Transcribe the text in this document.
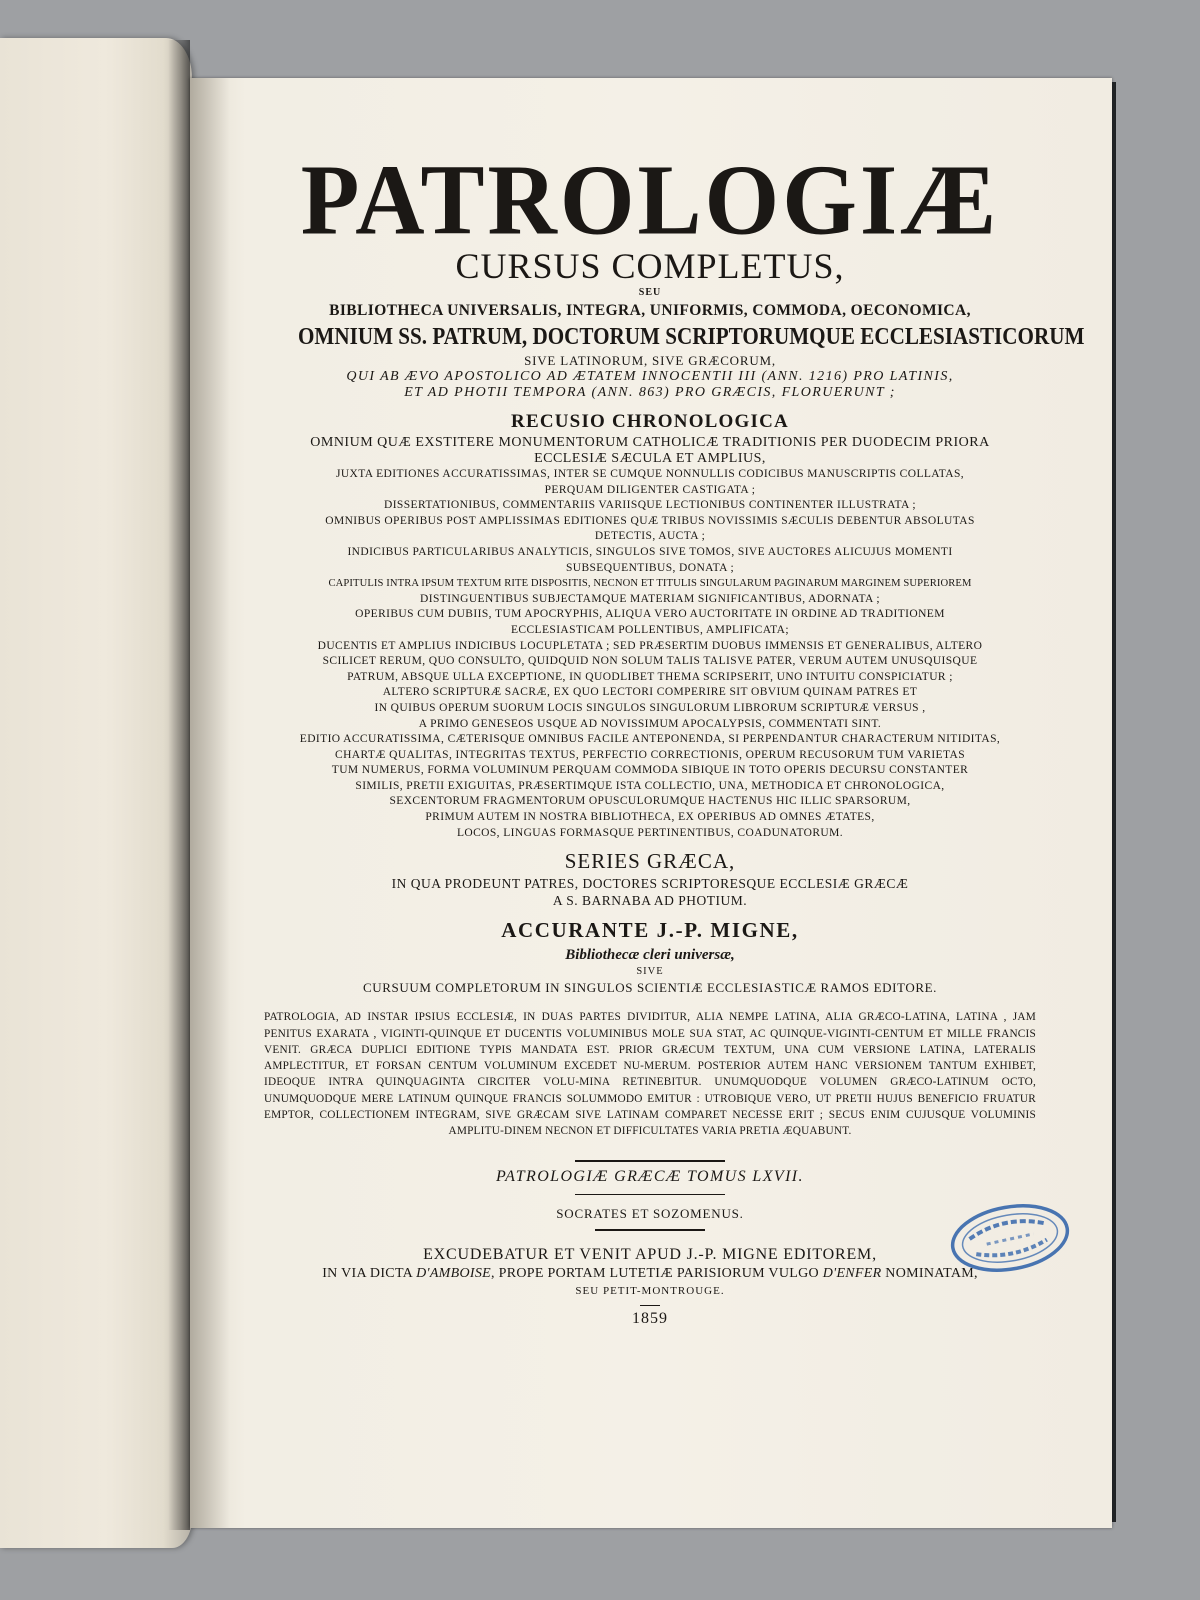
PATROLOGIÆ

CURSUS COMPLETUS,

SEU

BIBLIOTHECA UNIVERSALIS, INTEGRA, UNIFORMIS, COMMODA, OECONOMICA,

OMNIUM SS. PATRUM, DOCTORUM SCRIPTORUMQUE ECCLESIASTICORUM

SIVE LATINORUM, SIVE GRÆCORUM,

QUI AB ÆVO APOSTOLICO AD ÆTATEM INNOCENTII III (ANN. 1216) PRO LATINIS,

ET AD PHOTII TEMPORA (ANN. 863) PRO GRÆCIS, FLORUERUNT ;

RECUSIO CHRONOLOGICA

OMNIUM QUÆ EXSTITERE MONUMENTORUM CATHOLICÆ TRADITIONIS PER DUODECIM PRIORA

ECCLESIÆ SÆCULA ET AMPLIUS,

JUXTA EDITIONES ACCURATISSIMAS, INTER SE CUMQUE NONNULLIS CODICIBUS MANUSCRIPTIS COLLATAS,

PERQUAM DILIGENTER CASTIGATA ;

DISSERTATIONIBUS, COMMENTARIIS VARIISQUE LECTIONIBUS CONTINENTER ILLUSTRATA ;

OMNIBUS OPERIBUS POST AMPLISSIMAS EDITIONES QUÆ TRIBUS NOVISSIMIS SÆCULIS DEBENTUR ABSOLUTAS

DETECTIS, AUCTA ;

INDICIBUS PARTICULARIBUS ANALYTICIS, SINGULOS SIVE TOMOS, SIVE AUCTORES ALICUJUS MOMENTI

SUBSEQUENTIBUS, DONATA ;

CAPITULIS INTRA IPSUM TEXTUM RITE DISPOSITIS, NECNON ET TITULIS SINGULARUM PAGINARUM MARGINEM SUPERIOREM

DISTINGUENTIBUS SUBJECTAMQUE MATERIAM SIGNIFICANTIBUS, ADORNATA ;

OPERIBUS CUM DUBIIS, TUM APOCRYPHIS, ALIQUA VERO AUCTORITATE IN ORDINE AD TRADITIONEM

ECCLESIASTICAM POLLENTIBUS, AMPLIFICATA;

DUCENTIS ET AMPLIUS INDICIBUS LOCUPLETATA ; SED PRÆSERTIM DUOBUS IMMENSIS ET GENERALIBUS, ALTERO

SCILICET RERUM, QUO CONSULTO, QUIDQUID NON SOLUM TALIS TALISVE PATER, VERUM AUTEM UNUSQUISQUE

PATRUM, ABSQUE ULLA EXCEPTIONE, IN QUODLIBET THEMA SCRIPSERIT, UNO INTUITU CONSPICIATUR ;

ALTERO SCRIPTURÆ SACRÆ, EX QUO LECTORI COMPERIRE SIT OBVIUM QUINAM PATRES ET

IN QUIBUS OPERUM SUORUM LOCIS SINGULOS SINGULORUM LIBRORUM SCRIPTURÆ VERSUS ,

A PRIMO GENESEOS USQUE AD NOVISSIMUM APOCALYPSIS, COMMENTATI SINT.

EDITIO ACCURATISSIMA, CÆTERISQUE OMNIBUS FACILE ANTEPONENDA, SI PERPENDANTUR CHARACTERUM NITIDITAS,

CHARTÆ QUALITAS, INTEGRITAS TEXTUS, PERFECTIO CORRECTIONIS, OPERUM RECUSORUM TUM VARIETAS

TUM NUMERUS, FORMA VOLUMINUM PERQUAM COMMODA SIBIQUE IN TOTO OPERIS DECURSU CONSTANTER

SIMILIS, PRETII EXIGUITAS, PRÆSERTIMQUE ISTA COLLECTIO, UNA, METHODICA ET CHRONOLOGICA,

SEXCENTORUM FRAGMENTORUM OPUSCULORUMQUE HACTENUS HIC ILLIC SPARSORUM,

PRIMUM AUTEM IN NOSTRA BIBLIOTHECA, EX OPERIBUS AD OMNES ÆTATES,

LOCOS, LINGUAS FORMASQUE PERTINENTIBUS, COADUNATORUM.

SERIES GRÆCA,

IN QUA PRODEUNT PATRES, DOCTORES SCRIPTORESQUE ECCLESIÆ GRÆCÆ

A S. BARNABA AD PHOTIUM.

ACCURANTE J.-P. MIGNE,

Bibliothecæ cleri universæ,

SIVE

CURSUUM COMPLETORUM IN SINGULOS SCIENTIÆ ECCLESIASTICÆ RAMOS EDITORE.

PATROLOGIA, AD INSTAR IPSIUS ECCLESIÆ, IN DUAS PARTES DIVIDITUR, ALIA NEMPE LATINA, ALIA GRÆCO-LATINA, LATINA , JAM PENITUS EXARATA , VIGINTI-QUINQUE ET DUCENTIS VOLUMINIBUS MOLE SUA STAT, AC QUINQUE-VIGINTI-CENTUM ET MILLE FRANCIS VENIT. GRÆCA DUPLICI EDITIONE TYPIS MANDATA EST. PRIOR GRÆCUM TEXTUM, UNA CUM VERSIONE LATINA, LATERALIS AMPLECTITUR, ET FORSAN CENTUM VOLUMINUM EXCEDET NU-MERUM. POSTERIOR AUTEM HANC VERSIONEM TANTUM EXHIBET, IDEOQUE INTRA QUINQUAGINTA CIRCITER VOLU-MINA RETINEBITUR. UNUMQUODQUE VOLUMEN GRÆCO-LATINUM OCTO, UNUMQUODQUE MERE LATINUM QUINQUE FRANCIS SOLUMMODO EMITUR : UTROBIQUE VERO, UT PRETII HUJUS BENEFICIO FRUATUR EMPTOR, COLLECTIONEM INTEGRAM, SIVE GRÆCAM SIVE LATINAM COMPARET NECESSE ERIT ; SECUS ENIM CUJUSQUE VOLUMINIS AMPLITU-DINEM NECNON ET DIFFICULTATES VARIA PRETIA ÆQUABUNT.

PATROLOGIÆ GRÆCÆ TOMUS LXVII.

SOCRATES ET SOZOMENUS.

EXCUDEBATUR ET VENIT APUD J.-P. MIGNE EDITOREM,

IN VIA DICTA D'AMBOISE, PROPE PORTAM LUTETIÆ PARISIORUM VULGO D'ENFER NOMINATAM,

SEU PETIT-MONTROUGE.

1859
